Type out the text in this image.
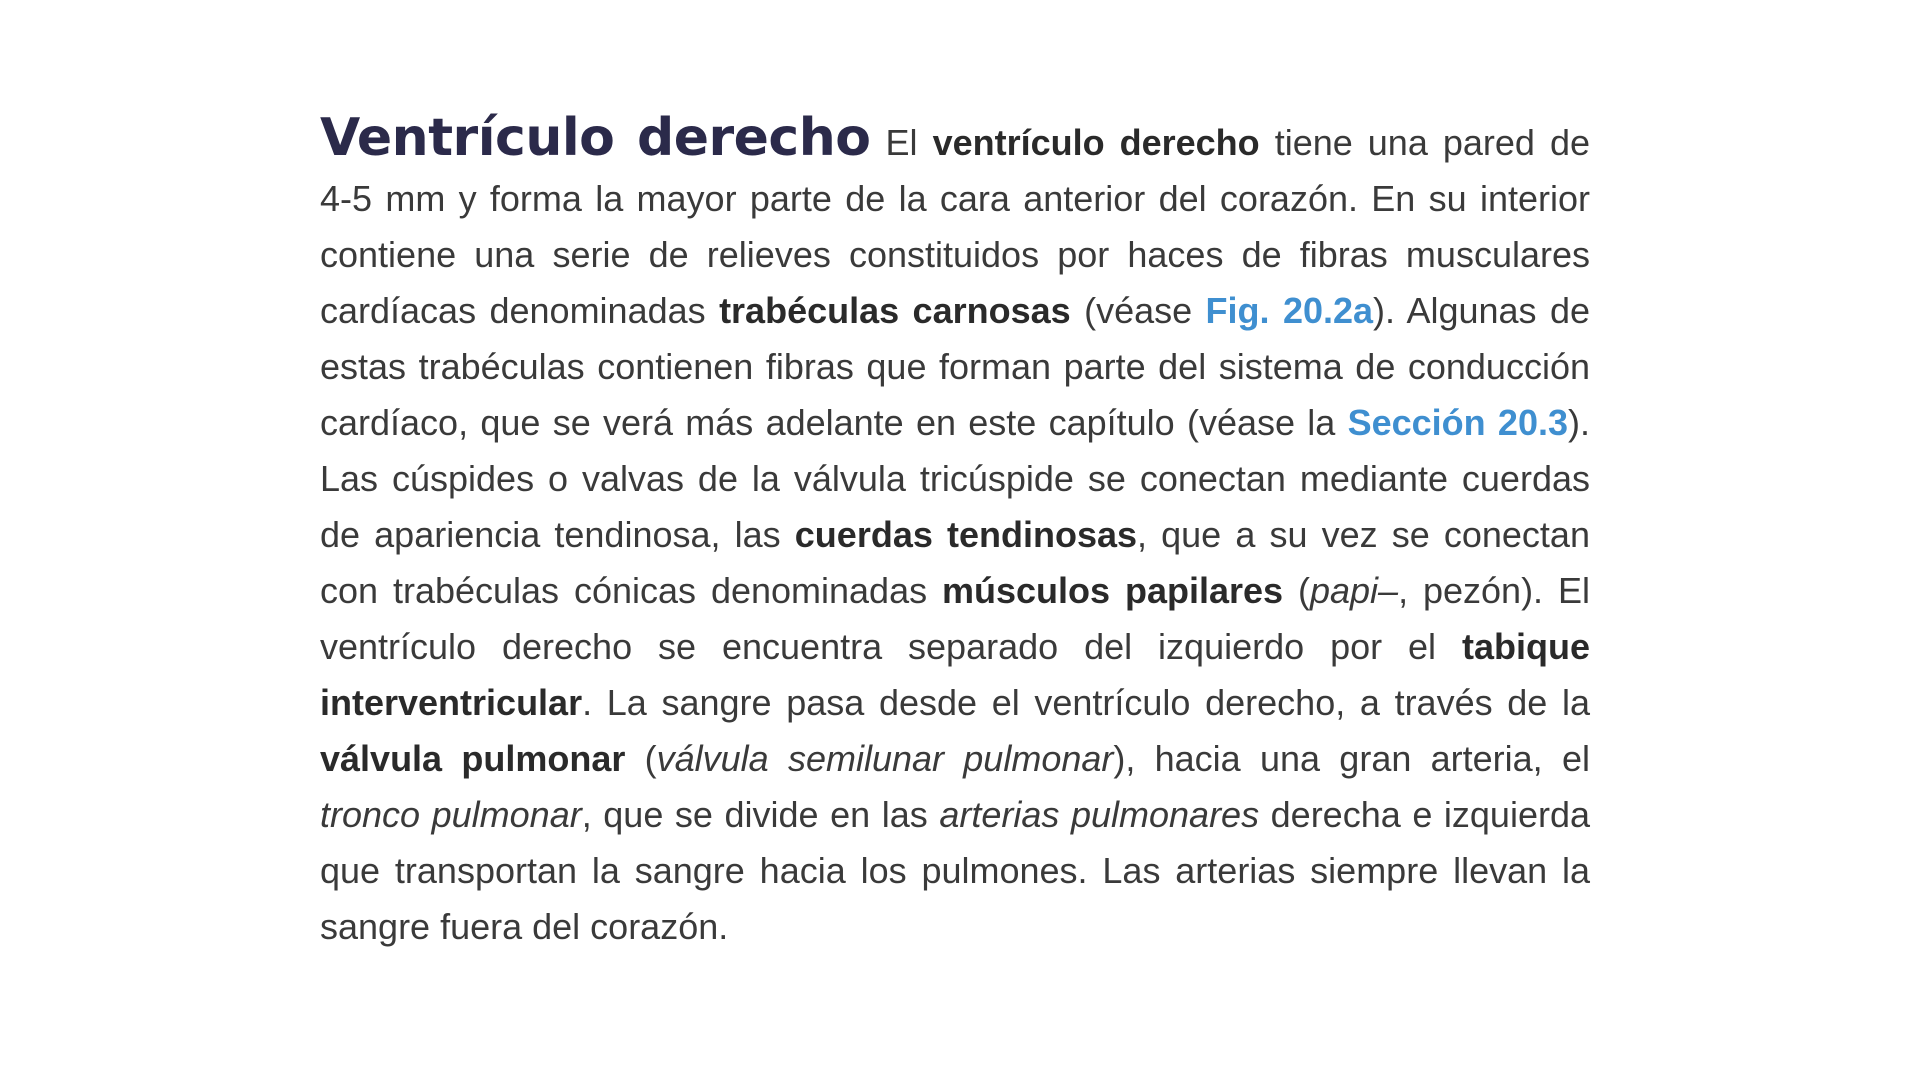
Ventrículo derecho El ventrículo derecho tiene una pared de 4-5 mm y forma la mayor parte de la cara anterior del corazón. En su interior contiene una serie de relieves constituidos por haces de fibras musculares cardíacas denominadas trabéculas carnosas (véase Fig. 20.2a). Algunas de estas trabéculas contienen fibras que forman parte del sistema de conducción cardíaco, que se verá más adelante en este capítulo (véase la Sección 20.3). Las cúspides o valvas de la válvula tricúspide se conectan mediante cuerdas de apariencia tendinosa, las cuerdas tendinosas, que a su vez se conectan con trabéculas cónicas denominadas músculos papilares (papi–, pezón). El ventrículo derecho se encuentra separado del izquierdo por el tabique interventricular. La sangre pasa desde el ventrículo derecho, a través de la válvula pulmonar (válvula semilunar pulmonar), hacia una gran arteria, el tronco pulmonar, que se divide en las arterias pulmonares derecha e izquierda que transportan la sangre hacia los pulmones. Las arterias siempre llevan la sangre fuera del corazón.
